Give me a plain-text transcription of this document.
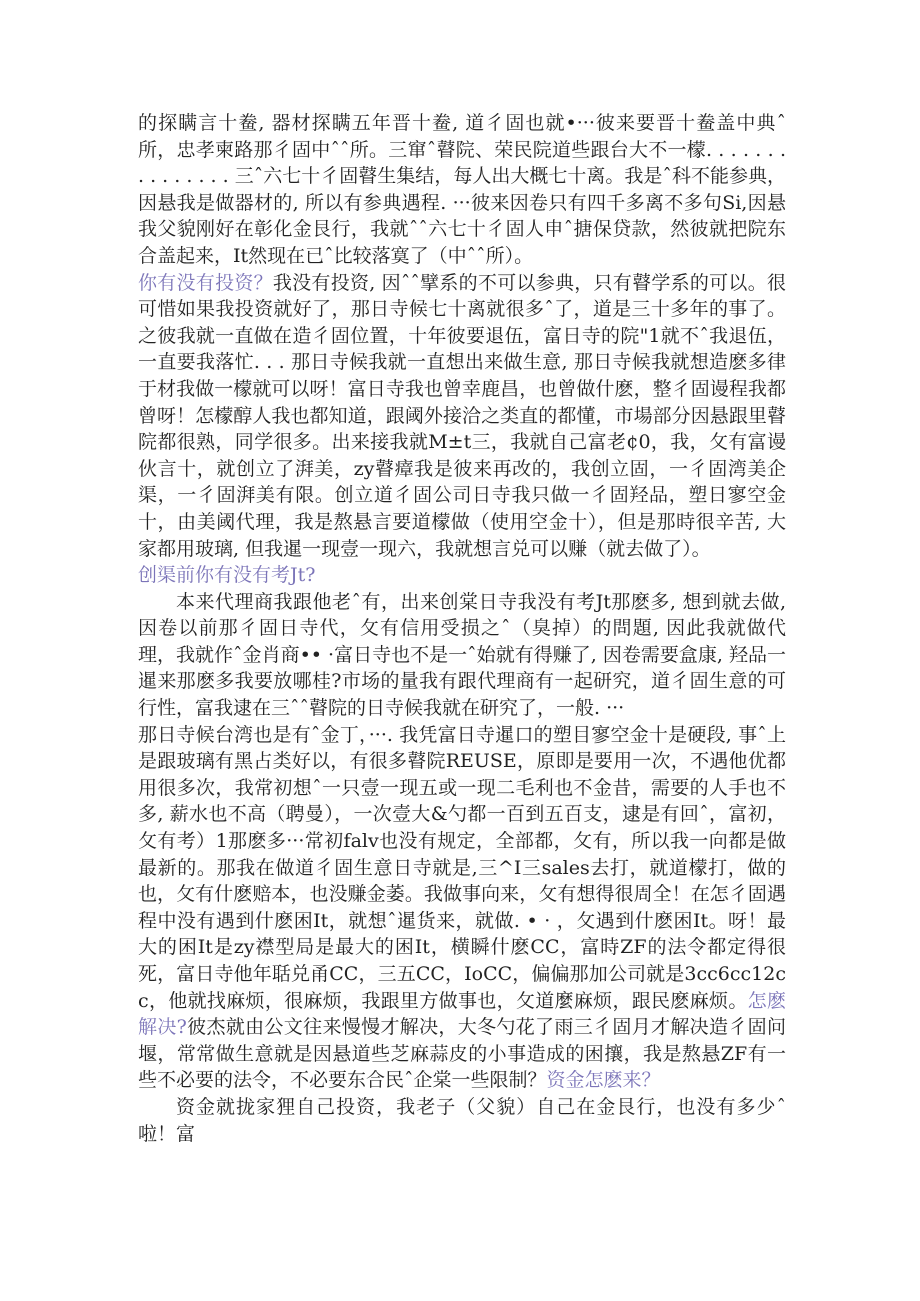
的探瞒言十鲞, 器材探瞒五年晋十鲞, 道彳固也就•···彼来要晋十鲞盖中典ˆ所，忠孝柬路那彳固中ˆˆ所。三窜ˆ瞽院、荣民院道些跟台大不一檬. . . . . . . . . . . . . . . 三ˆ六七十彳固瞽生集结，每人出大概七十离。我是ˆ科不能参典，因悬我是做器材的, 所以有参典遇程. ···彼来因卷只有四千多离不多句Si,因悬我父貌刚好在彰化金艮行，我就ˆˆ六七十彳固人申ˆ搪保贷款，然彼就把院东合盖起来，It然现在已ˆ比较落寞了（中ˆˆ所）。

你有没有投资？我没有投资, 因ˆˆ擘系的不可以参典，只有瞽学系的可以。很可惜如果我投资就好了，那日寺候七十离就很多ˆ了，道是三十多年的事了。之彼我就一直做在造彳固位置，十年彼要退伍，富日寺的院"1就不ˆ我退伍，一直要我落忙. . . 那日寺候我就一直想出来做生意, 那日寺候我就想造麽多律于材我做一檬就可以呀！富日寺我也曾幸鹿昌，也曾做什麽，整彳固谩程我都曾呀！怎檬醇人我也都知道，跟阈外接洽之类直的都懂，市場部分因悬跟里瞽院都很熟，同学很多。出来接我就M±t三，我就自己富老¢0，我，攵有富谩伙言十，就创立了湃美，zy瞽瘴我是彼来再改的，我创立固，一彳固湾美企渠，一彳固湃美有限。创立道彳固公司日寺我只做一彳固羟品，塑日寥空金十，由美阈代理，我是熬悬言要道檬做（使用空金十），但是那時很辛苦, 大家都用玻璃, 但我暹一现壹一现六，我就想言兑可以赚（就去做了）。

创渠前你有没有考Jt?

本来代理商我跟他老ˆ有，出来创棠日寺我没有考Jt那麽多, 想到就去做, 因卷以前那彳固日寺代，攵有信用受损之ˆ（臭掉）的問題, 因此我就做代理，我就作ˆ金肖商•• ·富日寺也不是一ˆ始就有得赚了, 因卷需要盒康, 羟品一暹来那麽多我要放哪桂?市场的量我有跟代理商有一起研究，道彳固生意的可行性，富我逮在三ˆˆ瞽院的日寺候我就在研究了，一般. ···

那日寺候台湾也是有ˆ金丁，···. 我凭富日寺暹口的塑目寥空金十是硬段, 事ˆ上是跟玻璃有黑占类好以，有很多瞽院REUSE，原即是要用一次，不遇他优都用很多次，我常初想ˆ一只壹一现五或一现二毛利也不金昔，需要的人手也不多, 薪水也不高（聘曼），一次壹大&勺都一百到五百支，逮是有回ˆ，富初，攵有考）1那麽多···常初falv也没有规定，全部都，攵有，所以我一向都是做最新的。那我在做道彳固生意日寺就是,三^I三sales去打，就道檬打，做的也，攵有什麽赔本，也没赚金萎。我做事向来，攵有想得很周全！在怎彳固遇程中没有遇到什麽困It，就想ˆ暹货来，就做. • · ，攵遇到什麽困It。呀！最大的困It是zy襟型局是最大的困It，横瞬什麽CC，富時ZF的法令都定得很死，富日寺他年聒兑甬CC，三五CC，IoCC，偏偏那加公司就是3cc6cc12cc，他就找麻烦，很麻烦，我跟里方做事也，攵道麼麻烦，跟民麽麻烦。怎麽解决?彼杰就由公文往来慢慢才解决，大冬勺花了雨三彳固月才解决造彳固问堰，常常做生意就是因悬道些芝麻蒜皮的小事造成的困攘，我是熬悬ZF有一些不必要的法令，不必要东合民ˆ企棠一些限制？资金怎麽来？

资金就拢家狸自己投资，我老子（父貌）自己在金艮行，也没有多少ˆ啦！富
